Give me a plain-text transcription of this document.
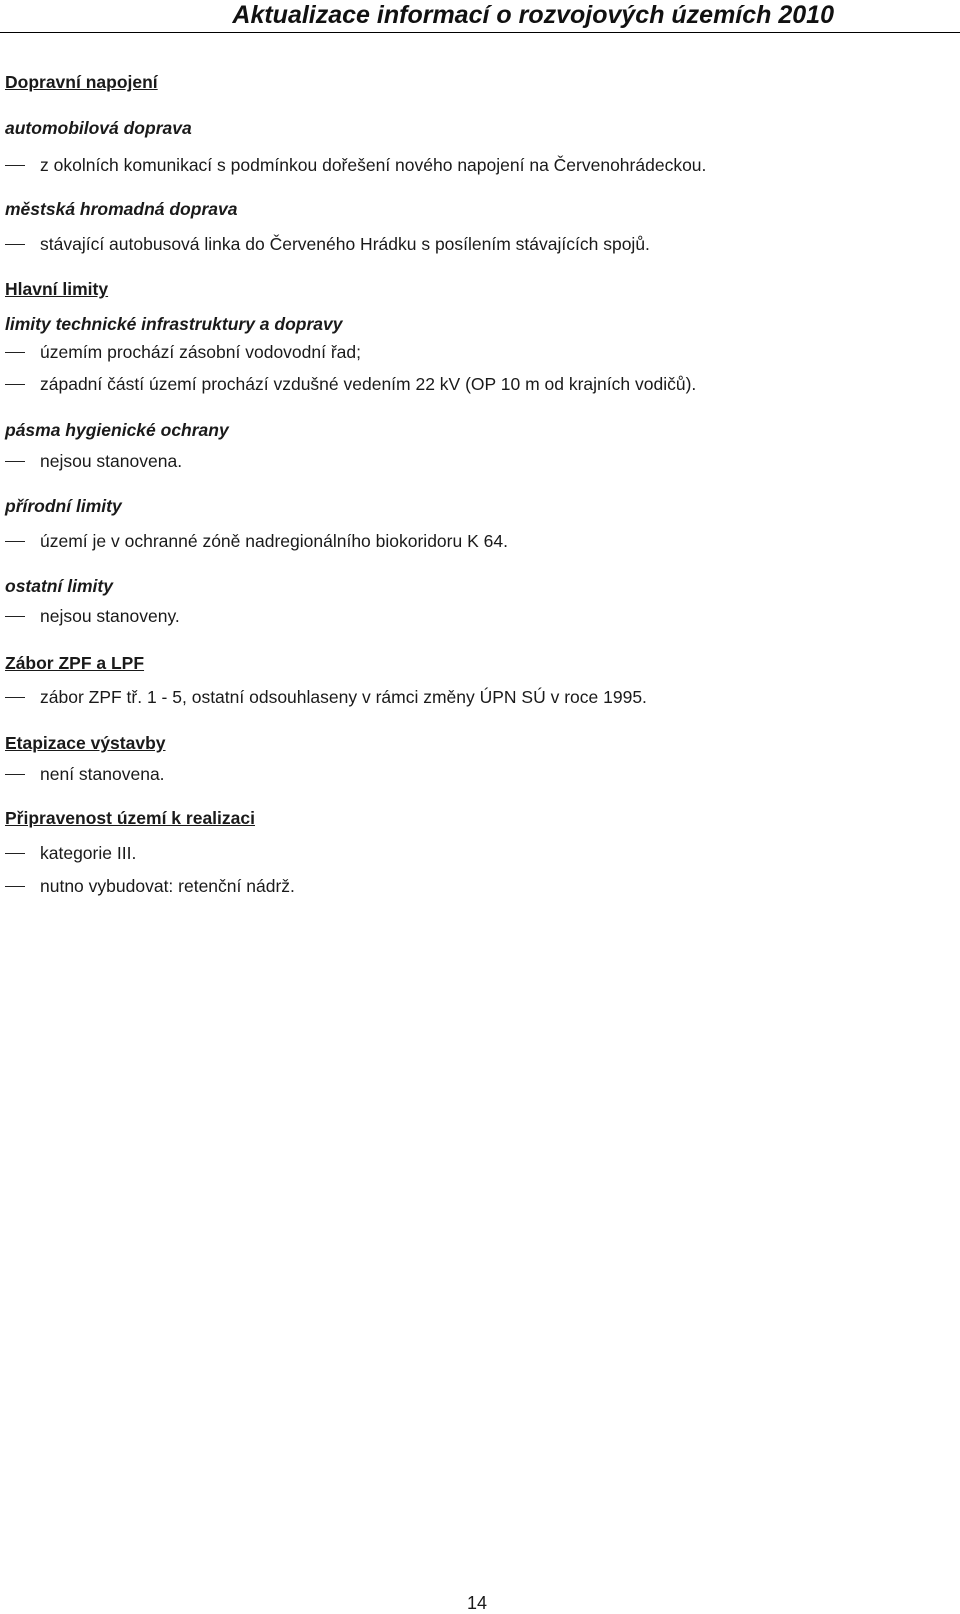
Aktualizace informací o rozvojových územích 2010
Dopravní napojení
automobilová doprava
z okolních komunikací s podmínkou dořešení nového napojení na Červenohrádeckou.
městská hromadná doprava
stávající autobusová linka do Červeného Hrádku s posílením stávajících spojů.
Hlavní limity
limity technické infrastruktury a dopravy
územím prochází zásobní vodovodní řad;
západní částí území prochází vzdušné vedením 22 kV (OP 10 m od krajních vodičů).
pásma hygienické ochrany
nejsou stanovena.
přírodní limity
území je v ochranné zóně nadregionálního biokoridoru K 64.
ostatní limity
nejsou stanoveny.
Zábor ZPF a LPF
zábor ZPF tř. 1 - 5, ostatní odsouhlaseny v rámci změny ÚPN SÚ v roce 1995.
Etapizace výstavby
není stanovena.
Připravenost území k realizaci
kategorie III.
nutno vybudovat: retenční nádrž.
14
